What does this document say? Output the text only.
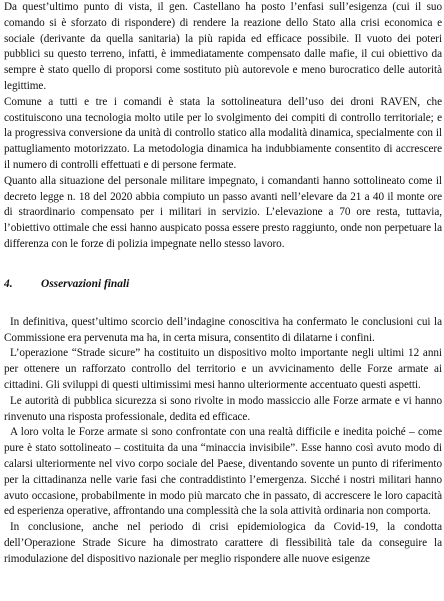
Da quest’ultimo punto di vista, il gen. Castellano ha posto l’enfasi sull’esigenza (cui il suo comando si è sforzato di rispondere) di rendere la reazione dello Stato alla crisi economica e sociale (derivante da quella sanitaria) la più rapida ed efficace possibile. Il vuoto dei poteri pubblici su questo terreno, infatti, è immediatamente compensato dalle mafie, il cui obiettivo da sempre è stato quello di proporsi come sostituto più autorevole e meno burocratico delle autorità legittime.

Comune a tutti e tre i comandi è stata la sottolineatura dell’uso dei droni RAVEN, che costituiscono una tecnologia molto utile per lo svolgimento dei compiti di controllo territoriale; e la progressiva conversione da unità di controllo statico alla modalità dinamica, specialmente con il pattugliamento motorizzato. La metodologia dinamica ha indubbiamente consentito di accrescere il numero di controlli effettuati e di persone fermate.

Quanto alla situazione del personale militare impegnato, i comandanti hanno sottolineato come il decreto legge n. 18 del 2020 abbia compiuto un passo avanti nell’elevare da 21 a 40 il monte ore di straordinario compensato per i militari in servizio. L’elevazione a 70 ore resta, tuttavia, l’obiettivo ottimale che essi hanno auspicato possa essere presto raggiunto, onde non perpetuare la differenza con le forze di polizia impegnate nello stesso lavoro.

4.	Osservazioni finali

In definitiva, quest’ultimo scorcio dell’indagine conoscitiva ha confermato le conclusioni cui la Commissione era pervenuta ma ha, in certa misura, consentito di dilatarne i confini.

L’operazione “Strade sicure” ha costituito un dispositivo molto importante negli ultimi 12 anni per ottenere un rafforzato controllo del territorio e un avvicinamento delle Forze armate ai cittadini. Gli sviluppi di questi ultimissimi mesi hanno ulteriormente accentuato questi aspetti.

Le autorità di pubblica sicurezza si sono rivolte in modo massiccio alle Forze armate e vi hanno rinvenuto una risposta professionale, dedita ed efficace.

A loro volta le Forze armate si sono confrontate con una realtà difficile e inedita poiché – come pure è stato sottolineato – costituita da una “minaccia invisibile”. Esse hanno così avuto modo di calarsi ulteriormente nel vivo corpo sociale del Paese, diventando sovente un punto di riferimento per la cittadinanza nelle varie fasi che contraddistinto l’emergenza. Sicché i nostri militari hanno avuto occasione, probabilmente in modo più marcato che in passato, di accrescere le loro capacità ed esperienza operative, affrontando una complessità che la sola attività ordinaria non comporta.

In conclusione, anche nel periodo di crisi epidemiologica da Covid-19, la condotta dell’Operazione Strade Sicure ha dimostrato carattere di flessibilità tale da conseguire la rimodulazione del dispositivo nazionale per meglio rispondere alle nuove esigenze
